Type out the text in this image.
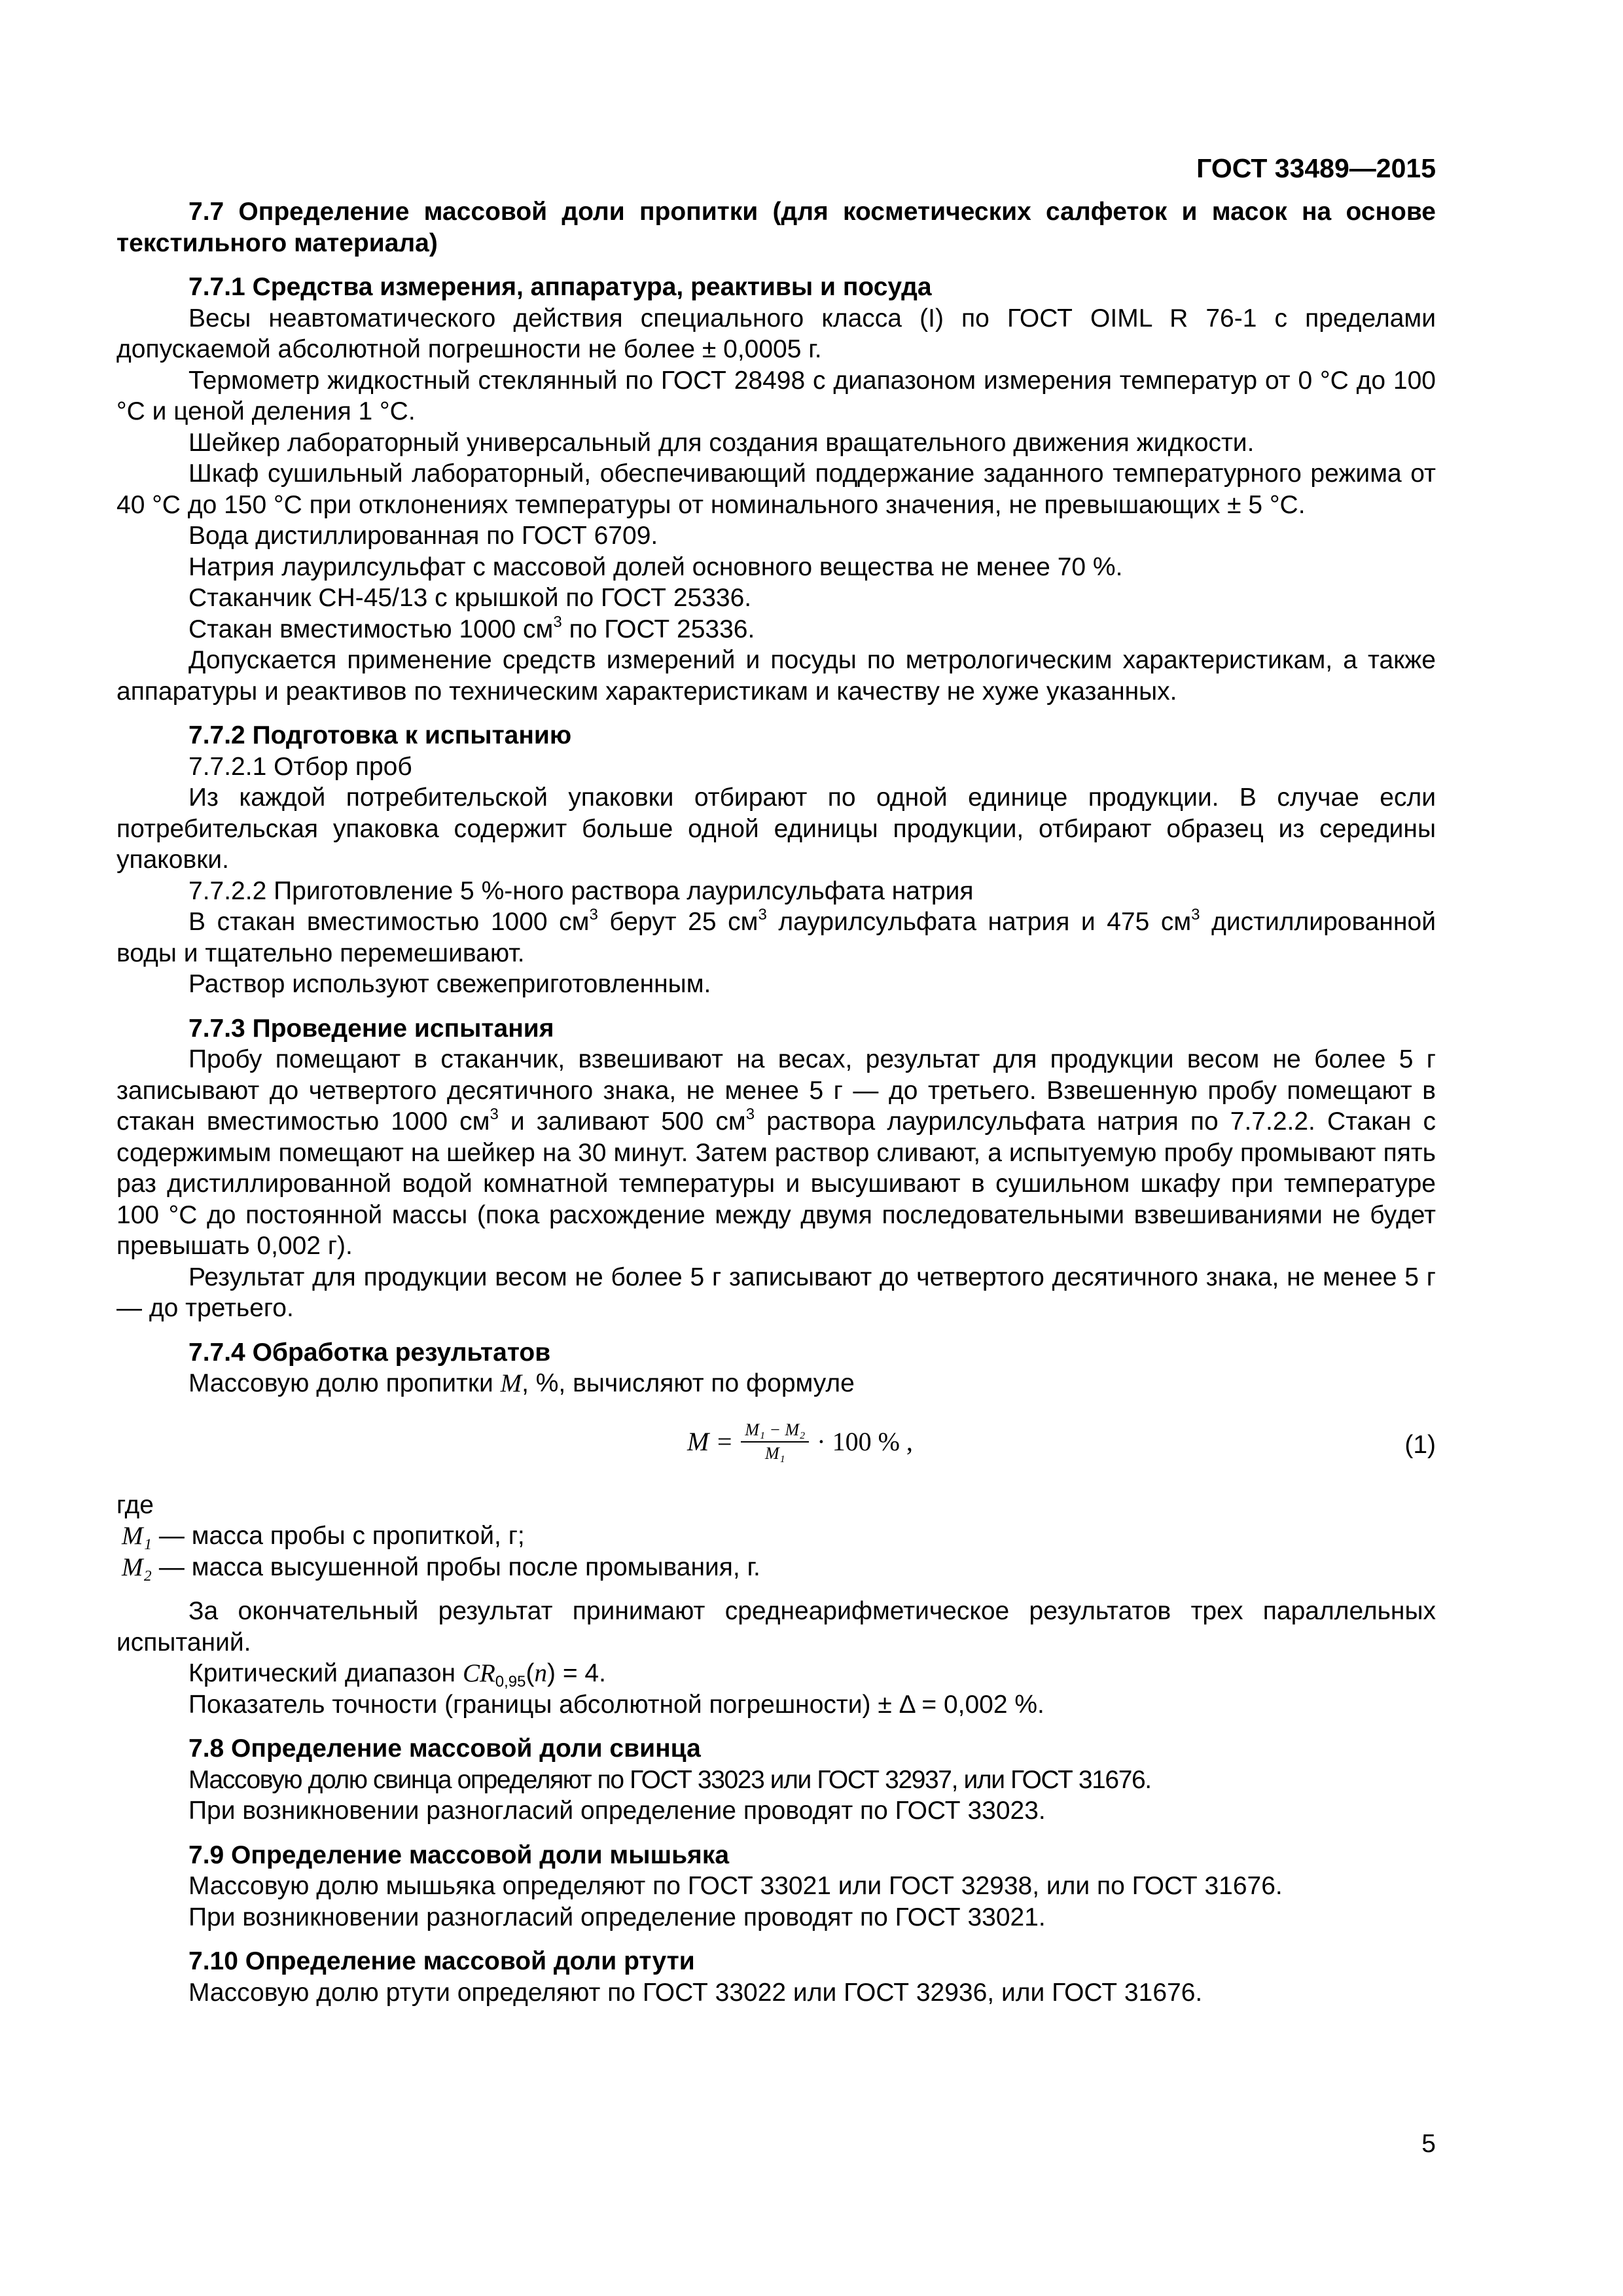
ГОСТ 33489—2015

7.7 Определение массовой доли пропитки (для косметических салфеток и масок на основе текстильного материала)

7.7.1 Средства измерения, аппаратура, реактивы и посуда

Весы неавтоматического действия специального класса (I) по ГОСТ OIML R 76-1 с пределами допускаемой абсолютной погрешности не более ± 0,0005 г.

Термометр жидкостный стеклянный по ГОСТ 28498 с диапазоном измерения температур от 0 °С до 100 °С и ценой деления 1 °С.

Шейкер лабораторный универсальный для создания вращательного движения жидкости.

Шкаф сушильный лабораторный, обеспечивающий поддержание заданного температурного режима от 40 °С до 150 °С при отклонениях температуры от номинального значения, не превышающих ± 5 °С.

Вода дистиллированная по ГОСТ 6709.

Натрия лаурилсульфат с массовой долей основного вещества не менее 70 %.

Стаканчик СН-45/13 с крышкой по ГОСТ 25336.

Стакан вместимостью 1000 $см^3$ по ГОСТ 25336.

Допускается применение средств измерений и посуды по метрологическим характеристикам, а также аппаратуры и реактивов по техническим характеристикам и качеству не хуже указанных.

7.7.2 Подготовка к испытанию

7.7.2.1 Отбор проб

Из каждой потребительской упаковки отбирают по одной единице продукции. В случае если потребительская упаковка содержит больше одной единицы продукции, отбирают образец из середины упаковки.

7.7.2.2 Приготовление 5 %-ного раствора лаурилсульфата натрия

В стакан вместимостью 1000 $см^3$ берут 25 $см^3$ лаурилсульфата натрия и 475 $см^3$ дистиллированной воды и тщательно перемешивают.

Раствор используют свежеприготовленным.

7.7.3 Проведение испытания

Пробу помещают в стаканчик, взвешивают на весах, результат для продукции весом не более 5 г записывают до четвертого десятичного знака, не менее 5 г — до третьего. Взвешенную пробу помещают в стакан вместимостью 1000 $см^3$ и заливают 500 $см^3$ раствора лаурилсульфата натрия по 7.7.2.2. Стакан с содержимым помещают на шейкер на 30 минут. Затем раствор сливают, а испытуемую пробу промывают пять раз дистиллированной водой комнатной температуры и высушивают в сушильном шкафу при температуре 100 °С до постоянной массы (пока расхождение между двумя последовательными взвешиваниями не будет превышать 0,002 г).

Результат для продукции весом не более 5 г записывают до четвертого десятичного знака, не менее 5 г — до третьего.

7.7.4 Обработка результатов

Массовую долю пропитки M, %, вычисляют по формуле

$M = \frac{\text{M₁ − M₂}}{\text{M₁}} \cdot 100$ % ,	(1)

где

M₁ — масса пробы с пропиткой, г;

M₂ — масса высушенной пробы после промывания, г.

За окончательный результат принимают среднеарифметическое результатов трех параллельных испытаний.

Критический диапазон $CR_{0,95}(n) = 4$.

Показатель точности (границы абсолютной погрешности) ± Δ = 0,002 %.

7.8 Определение массовой доли свинца

Массовую долю свинца определяют по ГОСТ 33023 или ГОСТ 32937, или ГОСТ 31676.

При возникновении разногласий определение проводят по ГОСТ 33023.

7.9 Определение массовой доли мышьяка

Массовую долю мышьяка определяют по ГОСТ 33021 или ГОСТ 32938, или по ГОСТ 31676.

При возникновении разногласий определение проводят по ГОСТ 33021.

7.10 Определение массовой доли ртути

Массовую долю ртути определяют по ГОСТ 33022 или ГОСТ 32936, или ГОСТ 31676.

5
